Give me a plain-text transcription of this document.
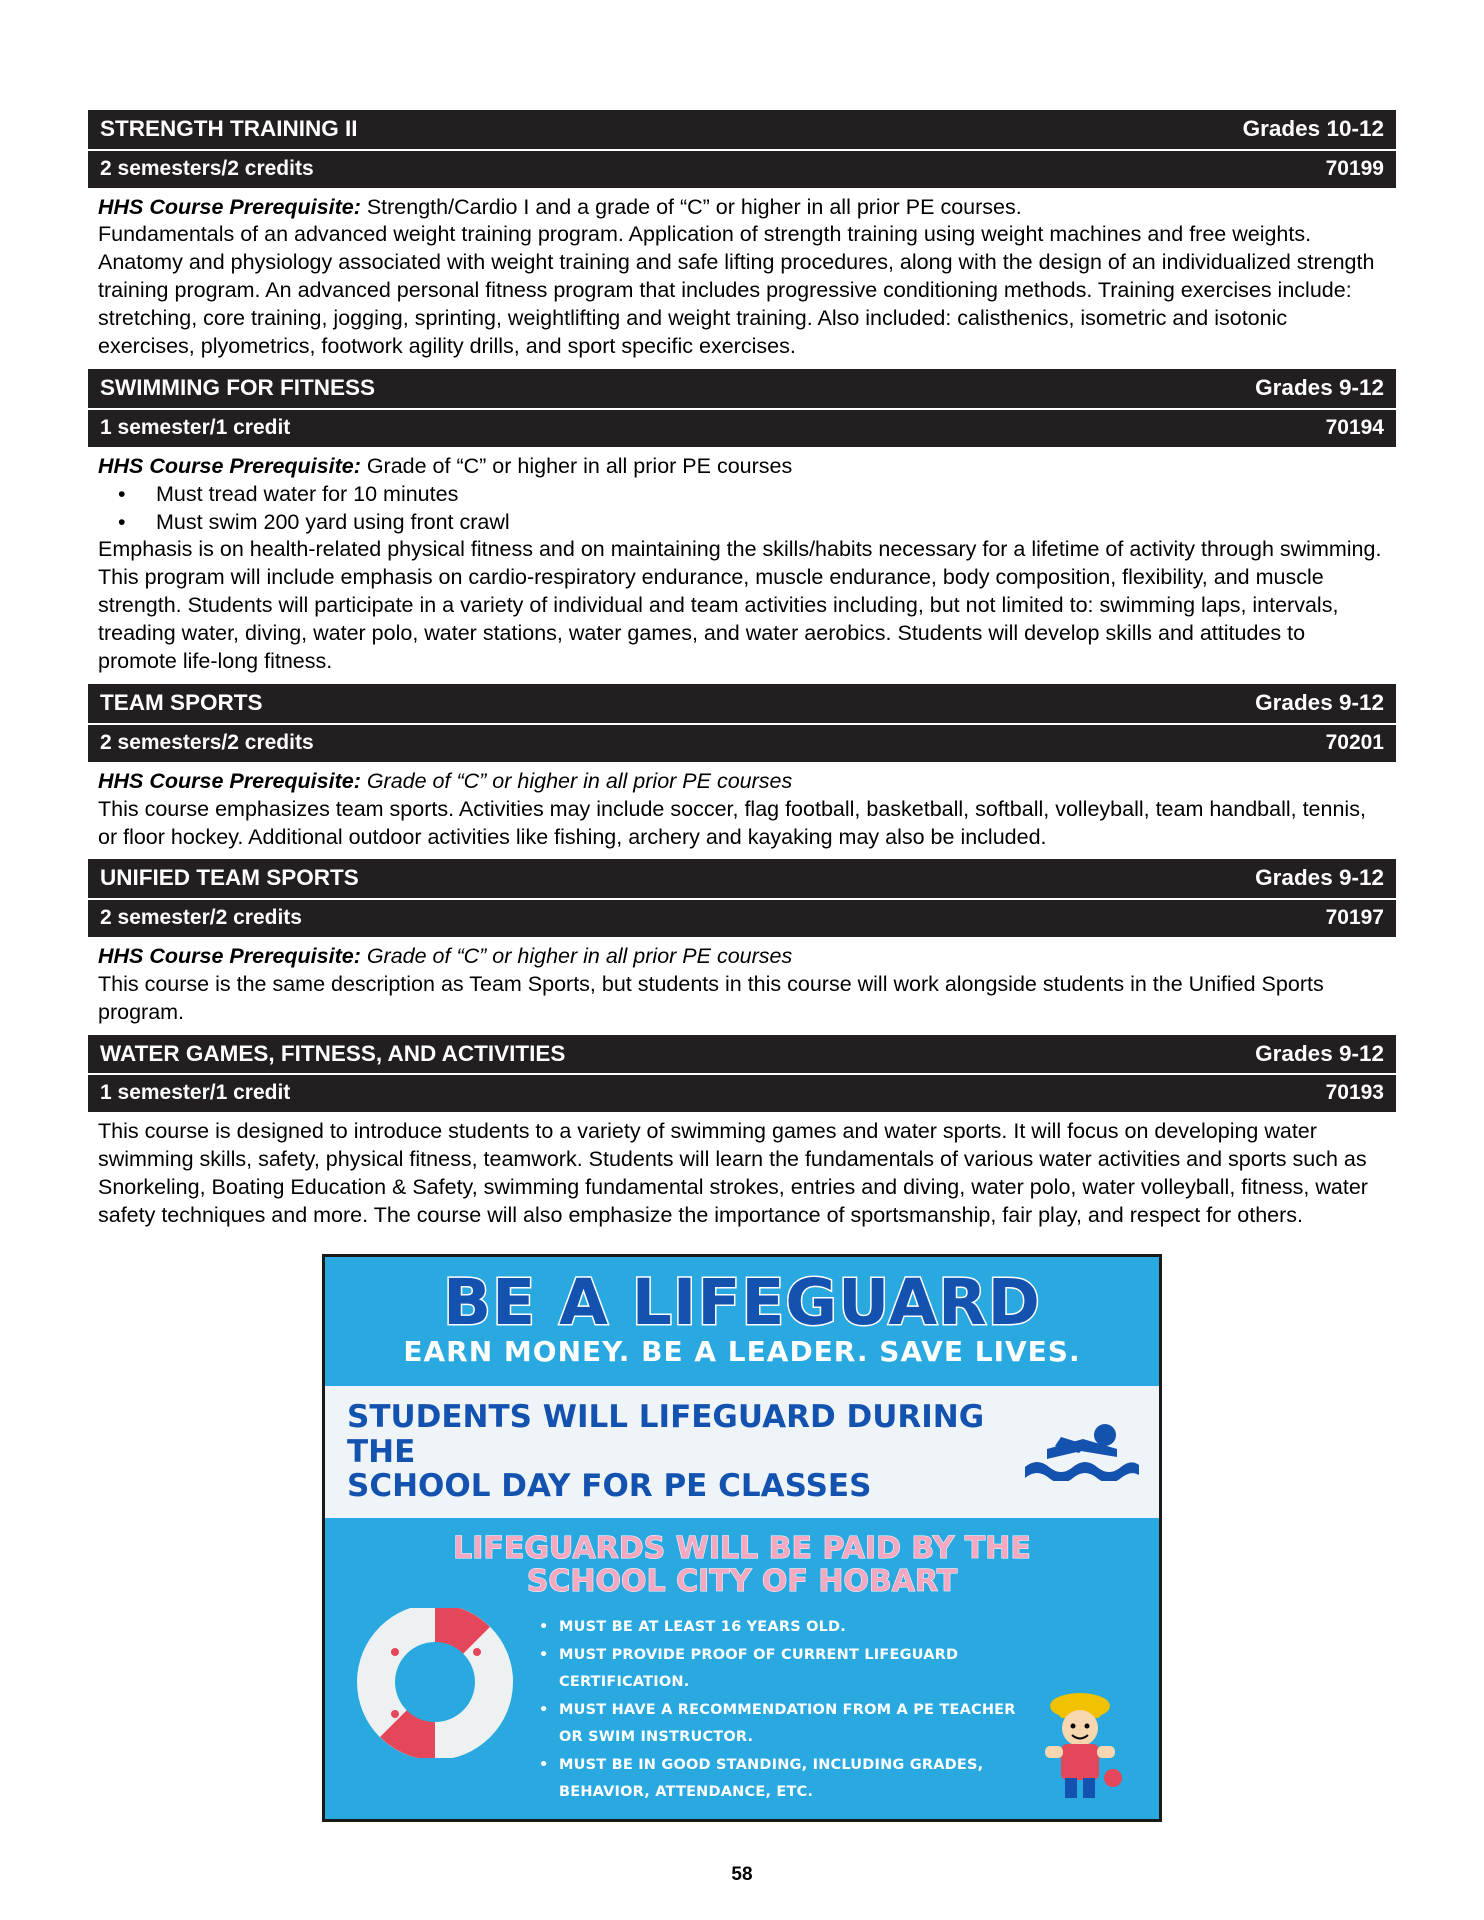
STRENGTH TRAINING II	Grades 10-12
2 semesters/2 credits	70199
HHS Course Prerequisite: Strength/Cardio I and a grade of “C” or higher in all prior PE courses.
Fundamentals of an advanced weight training program. Application of strength training using weight machines and free weights. Anatomy and physiology associated with weight training and safe lifting procedures, along with the design of an individualized strength training program. An advanced personal fitness program that includes progressive conditioning methods. Training exercises include: stretching, core training, jogging, sprinting, weightlifting and weight training. Also included: calisthenics, isometric and isotonic exercises, plyometrics, footwork agility drills, and sport specific exercises.
SWIMMING FOR FITNESS	Grades 9-12
1 semester/1 credit	70194
HHS Course Prerequisite: Grade of “C” or higher in all prior PE courses
• Must tread water for 10 minutes
• Must swim 200 yard using front crawl
Emphasis is on health-related physical fitness and on maintaining the skills/habits necessary for a lifetime of activity through swimming. This program will include emphasis on cardio-respiratory endurance, muscle endurance, body composition, flexibility, and muscle strength. Students will participate in a variety of individual and team activities including, but not limited to: swimming laps, intervals, treading water, diving, water polo, water stations, water games, and water aerobics. Students will develop skills and attitudes to promote life-long fitness.
TEAM SPORTS	Grades 9-12
2 semesters/2 credits	70201
HHS Course Prerequisite: Grade of “C” or higher in all prior PE courses
This course emphasizes team sports. Activities may include soccer, flag football, basketball, softball, volleyball, team handball, tennis, or floor hockey. Additional outdoor activities like fishing, archery and kayaking may also be included.
UNIFIED TEAM SPORTS	Grades 9-12
2 semester/2 credits	70197
HHS Course Prerequisite: Grade of “C” or higher in all prior PE courses
This course is the same description as Team Sports, but students in this course will work alongside students in the Unified Sports program.
WATER GAMES, FITNESS, AND ACTIVITIES	Grades 9-12
1 semester/1 credit	70193
This course is designed to introduce students to a variety of swimming games and water sports. It will focus on developing water swimming skills, safety, physical fitness, teamwork. Students will learn the fundamentals of various water activities and sports such as Snorkeling, Boating Education & Safety, swimming fundamental strokes, entries and diving, water polo, water volleyball, fitness, water safety techniques and more. The course will also emphasize the importance of sportsmanship, fair play, and respect for others.
BE A LIFEGUARD
EARN MONEY. BE A LEADER. SAVE LIVES.
STUDENTS WILL LIFEGUARD DURING THE
SCHOOL DAY FOR PE CLASSES
LIFEGUARDS WILL BE PAID BY THE
SCHOOL CITY OF HOBART
• MUST BE AT LEAST 16 YEARS OLD.
• MUST PROVIDE PROOF OF CURRENT LIFEGUARD CERTIFICATION.
• MUST HAVE A RECOMMENDATION FROM A PE TEACHER OR SWIM INSTRUCTOR.
• MUST BE IN GOOD STANDING, INCLUDING GRADES, BEHAVIOR, ATTENDANCE, ETC.
58
